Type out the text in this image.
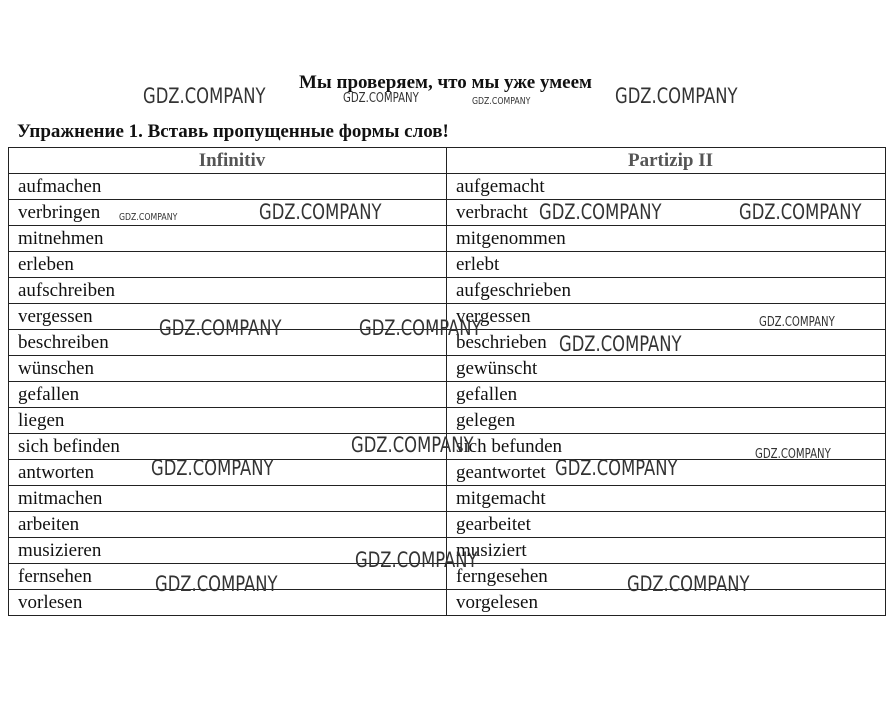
Мы проверяем, что мы уже умеем
Упражнение 1. Вставь пропущенные формы слов!
Infinitiv	Partizip II
aufmachen	aufgemacht
verbringen	verbracht
mitnehmen	mitgenommen
erleben	erlebt
aufschreiben	aufgeschrieben
vergessen	vergessen
beschreiben	beschrieben
wünschen	gewünscht
gefallen	gefallen
liegen	gelegen
sich befinden	sich befunden
antworten	geantwortet
mitmachen	mitgemacht
arbeiten	gearbeitet
musizieren	musiziert
fernsehen	ferngesehen
vorlesen	vorgelesen
GDZ.COMPANY	GDZ.COMPANY	GDZ.COMPANY	GDZ.COMPANY
GDZ.COMPANY	GDZ.COMPANY	GDZ.COMPANY	GDZ.COMPANY
GDZ.COMPANY	GDZ.COMPANY	GDZ.COMPANY
GDZ.COMPANY
GDZ.COMPANY	GDZ.COMPANY
GDZ.COMPANY	GDZ.COMPANY
GDZ.COMPANY
GDZ.COMPANY	GDZ.COMPANY
